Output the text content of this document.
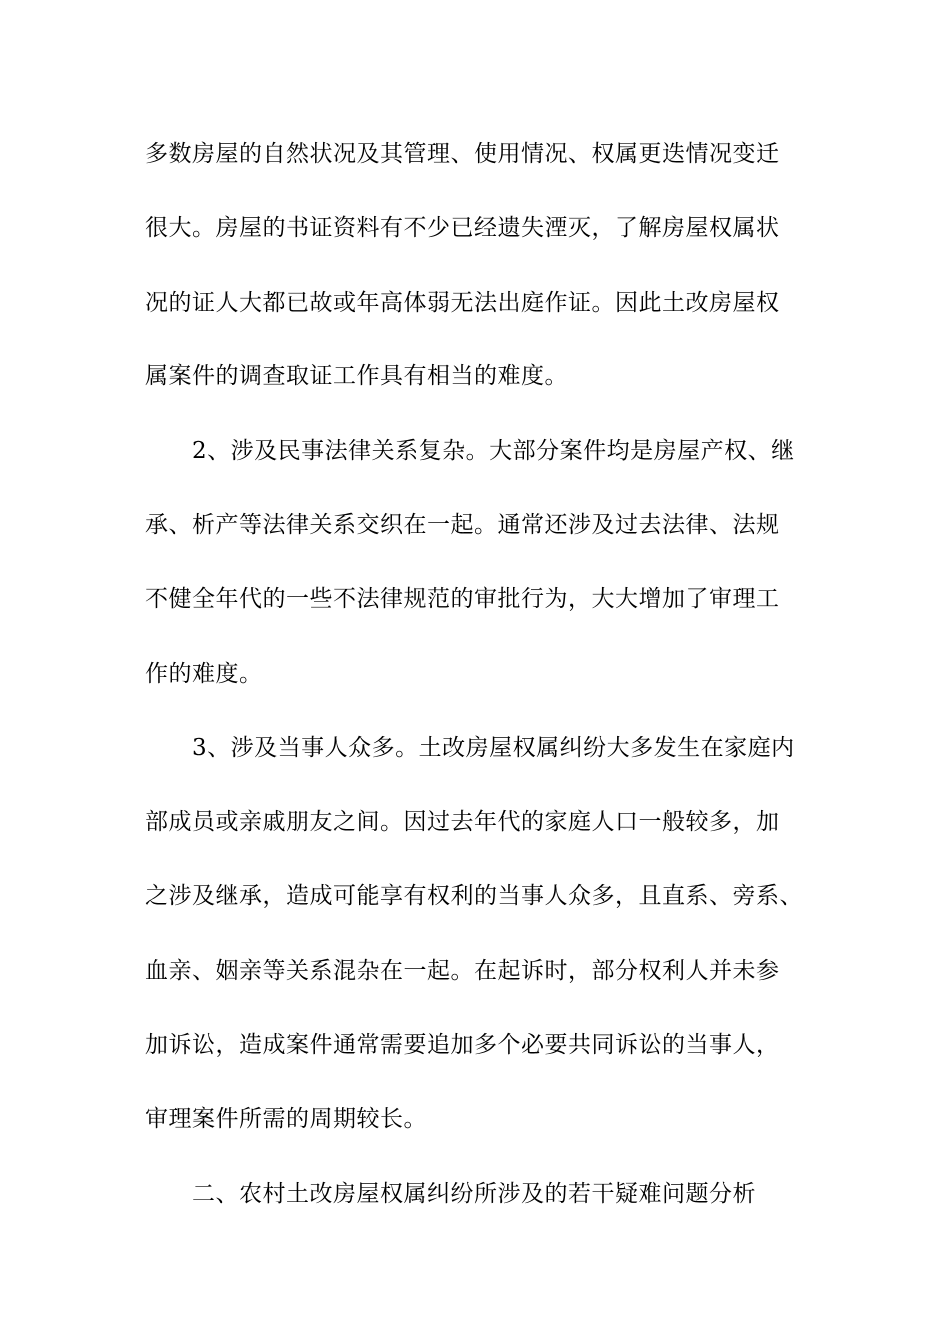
多数房屋的自然状况及其管理、使用情况、权属更迭情况变迁
很大。房屋的书证资料有不少已经遗失湮灭，了解房屋权属状
况的证人大都已故或年高体弱无法出庭作证。因此土改房屋权
属案件的调查取证工作具有相当的难度。
2、涉及民事法律关系复杂。大部分案件均是房屋产权、继
承、析产等法律关系交织在一起。通常还涉及过去法律、法规
不健全年代的一些不法律规范的审批行为，大大增加了审理工
作的难度。
3、涉及当事人众多。土改房屋权属纠纷大多发生在家庭内
部成员或亲戚朋友之间。因过去年代的家庭人口一般较多，加
之涉及继承，造成可能享有权利的当事人众多，且直系、旁系、
血亲、姻亲等关系混杂在一起。在起诉时，部分权利人并未参
加诉讼，造成案件通常需要追加多个必要共同诉讼的当事人，
审理案件所需的周期较长。
二、农村土改房屋权属纠纷所涉及的若干疑难问题分析
